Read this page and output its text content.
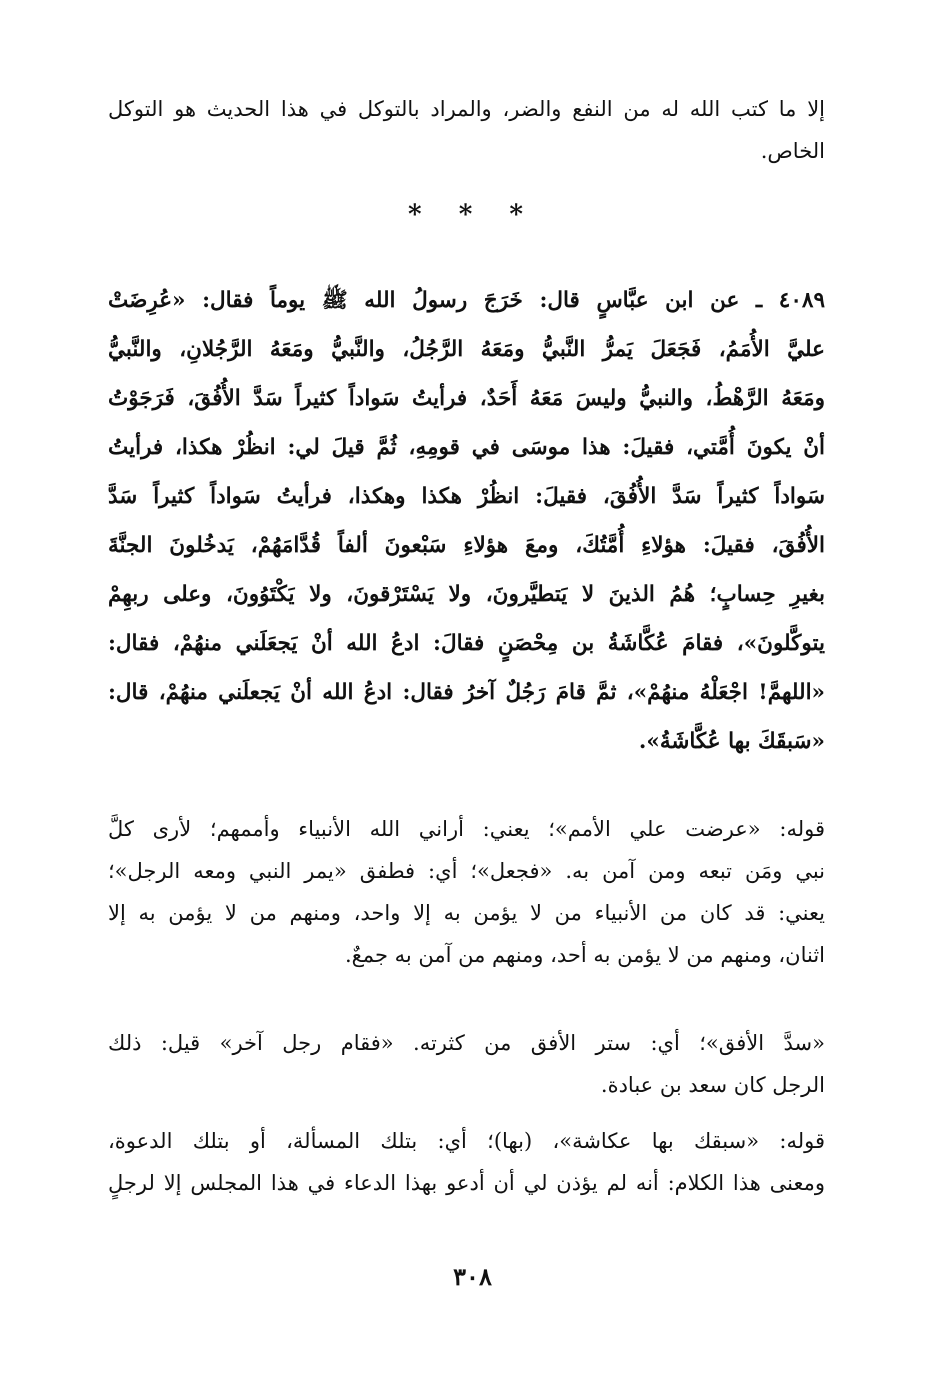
إلا ما كتب الله له من النفع والضر، والمراد بالتوكل في هذا الحديث هو التوكل
الخاص.
* * *
٤٠٨٩ ـ عن ابن عبَّاسٍ قال: خَرَجَ رسولُ الله ﷺ يوماً فقال: «عُرِضَتْ
عليَّ الأُمَمُ، فَجَعَلَ يَمرُّ النَّبيُّ ومَعَهُ الرَّجُلُ، والنَّبيُّ ومَعَهُ الرَّجُلانِ، والنَّبيُّ
ومَعَهُ الرَّهْطُ، والنبيُّ وليسَ مَعَهُ أَحَدٌ، فرأيتُ سَواداً كثيراً سَدَّ الأُفُقَ، فَرَجَوْتُ
أنْ يكونَ أُمَّتي، فقيلَ: هذا موسَى في قومِهِ، ثُمَّ قيلَ لي: انظُرْ هكذا، فرأيتُ
سَواداً كثيراً سَدَّ الأُفُقَ، فقيلَ: انظُرْ هكذا وهكذا، فرأيتُ سَواداً كثيراً سَدَّ
الأُفُقَ، فقيلَ: هؤلاءِ أُمَّتُكَ، ومعَ هؤلاءِ سَبْعونَ ألفاً قُدَّامَهُمْ، يَدخُلونَ الجنَّةَ
بغيرِ حِسابٍ؛ هُمُ الذينَ لا يَتطيَّرونَ، ولا يَسْتَرْقونَ، ولا يَكْتَوُونَ، وعلى ربهِمْ
يتوكَّلونَ»، فقامَ عُكَّاشَةُ بن مِحْصَنٍ فقالَ: ادعُ الله أنْ يَجعَلَني منهُمْ، فقال:
«اللهمَّ! اجْعَلْهُ منهُمْ»، ثمَّ قامَ رَجُلٌ آخرُ فقال: ادعُ الله أنْ يَجعلَني منهُمْ، قال:
«سَبقَكَ بها عُكَّاشَةُ».
قوله: «عرضت علي الأمم»؛ يعني: أراني الله الأنبياء وأممهم؛ لأرى كلَّ
نبي ومَن تبعه ومن آمن به. «فجعل»؛ أي: فطفق «يمر النبي ومعه الرجل»؛
يعني: قد كان من الأنبياء من لا يؤمن به إلا واحد، ومنهم من لا يؤمن به إلا
اثنان، ومنهم من لا يؤمن به أحد، ومنهم من آمن به جمعٌ.
«سدَّ الأفق»؛ أي: ستر الأفق من كثرته. «فقام رجل آخر» قيل: ذلك
الرجل كان سعد بن عبادة.
قوله: «سبقك بها عكاشة»، (بها)؛ أي: بتلك المسألة، أو بتلك الدعوة،
ومعنى هذا الكلام: أنه لم يؤذن لي أن أدعو بهذا الدعاء في هذا المجلس إلا لرجلٍ
٣٠٨
